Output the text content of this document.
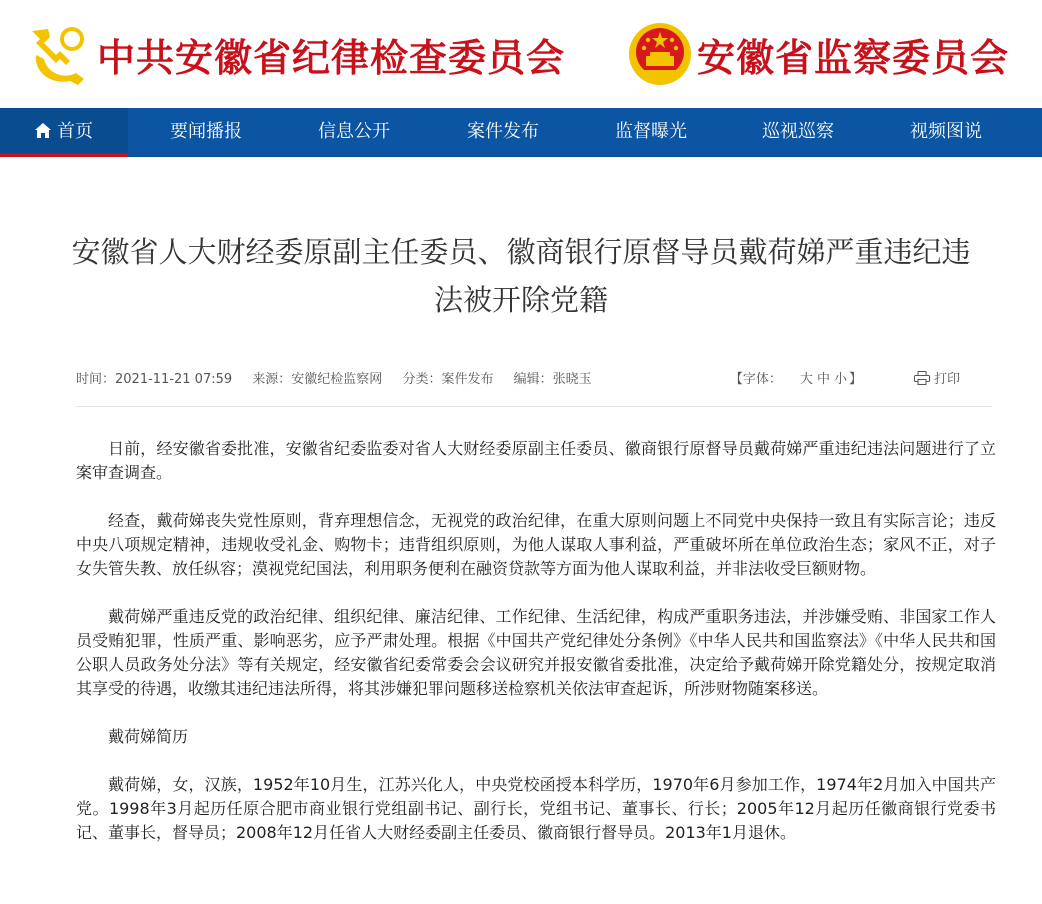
中共安徽省纪律检查委员会	安徽省监察委员会
首页	要闻播报	信息公开	案件发布	监督曝光	巡视巡察	视频图说
安徽省人大财经委原副主任委员、徽商银行原督导员戴荷娣严重违纪违法被开除党籍
时间：2021-11-21 07:59 来源：安徽纪检监察网 分类：案件发布 编辑：张晓玉	【字体： 大 中 小 】	打印

日前，经安徽省委批准，安徽省纪委监委对省人大财经委原副主任委员、徽商银行原督导员戴荷娣严重违纪违法问题进行了立案审查调查。

经查，戴荷娣丧失党性原则，背弃理想信念，无视党的政治纪律，在重大原则问题上不同党中央保持一致且有实际言论；违反中央八项规定精神，违规收受礼金、购物卡；违背组织原则，为他人谋取人事利益，严重破坏所在单位政治生态；家风不正，对子女失管失教、放任纵容；漠视党纪国法，利用职务便利在融资贷款等方面为他人谋取利益，并非法收受巨额财物。

戴荷娣严重违反党的政治纪律、组织纪律、廉洁纪律、工作纪律、生活纪律，构成严重职务违法，并涉嫌受贿、非国家工作人员受贿犯罪，性质严重、影响恶劣，应予严肃处理。根据《中国共产党纪律处分条例》《中华人民共和国监察法》《中华人民共和国公职人员政务处分法》等有关规定，经安徽省纪委常委会会议研究并报安徽省委批准，决定给予戴荷娣开除党籍处分，按规定取消其享受的待遇，收缴其违纪违法所得，将其涉嫌犯罪问题移送检察机关依法审查起诉，所涉财物随案移送。

戴荷娣简历

戴荷娣，女，汉族，1952年10月生，江苏兴化人，中央党校函授本科学历，1970年6月参加工作，1974年2月加入中国共产党。1998年3月起历任原合肥市商业银行党组副书记、副行长，党组书记、董事长、行长；2005年12月起历任徽商银行党委书记、董事长，督导员；2008年12月任省人大财经委副主任委员、徽商银行督导员。2013年1月退休。
